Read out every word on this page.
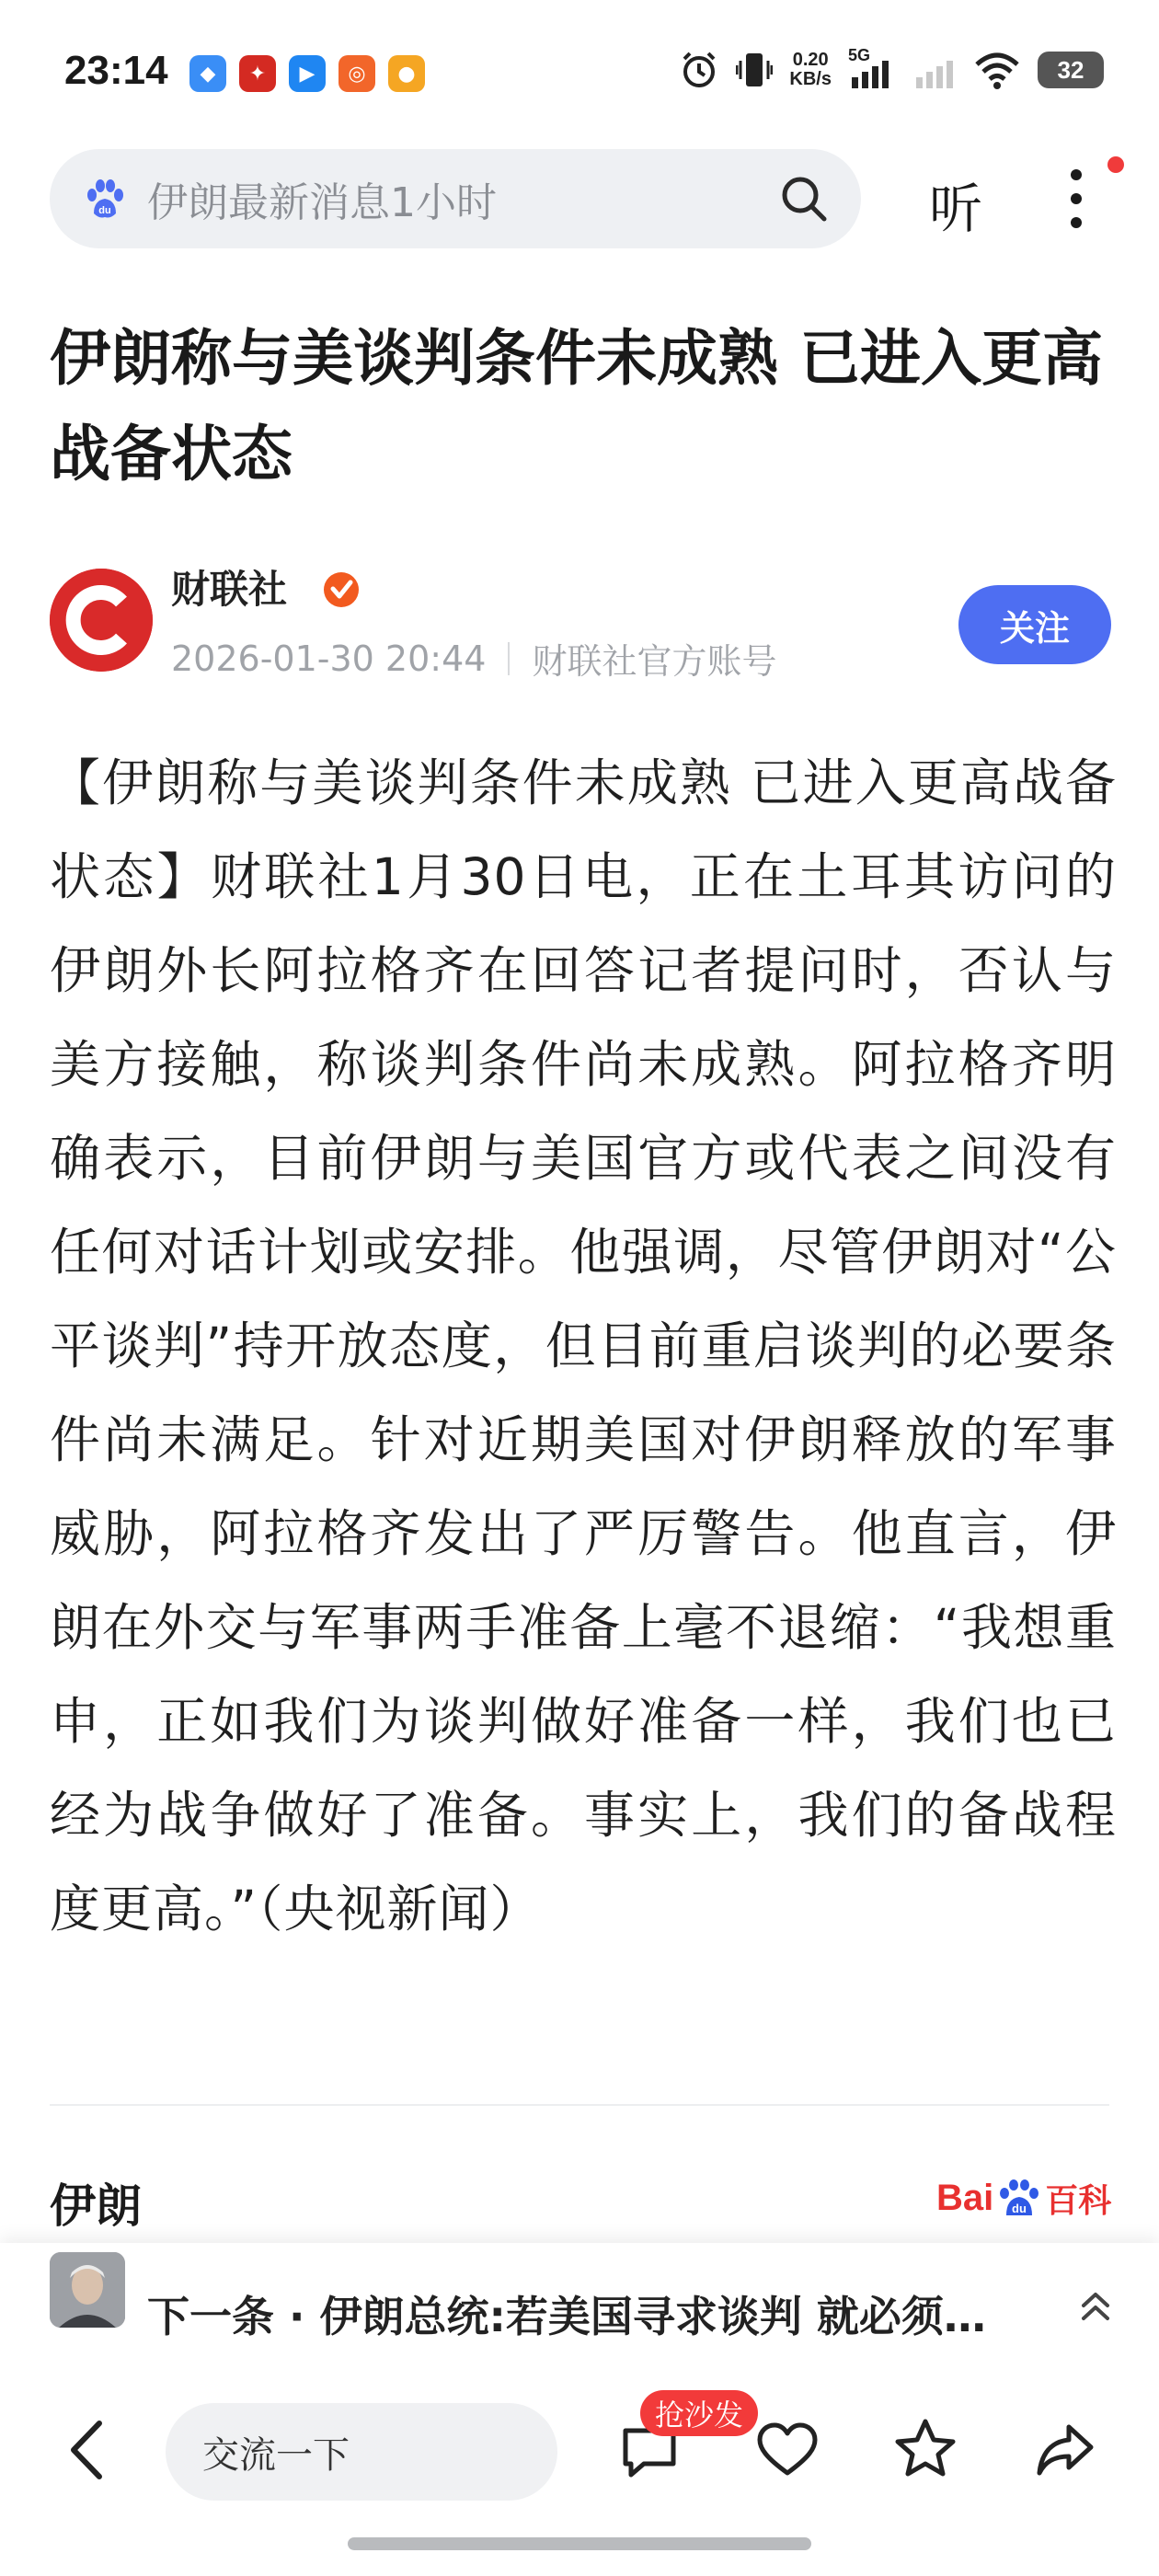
23:14	◆	✦	▶	◎	●
0.20
KB/s
5G
32
du 伊朗最新消息1小时	听
伊朗称与美谈判条件未成熟 已进入更高战备状态
财联社
2026-01-30 20:44 财联社官方账号
关注

【伊朗称与美谈判条件未成熟 已进入更高战备状态】财联社1月30日电，正在土耳其访问的伊朗外长阿拉格齐在回答记者提问时，否认与美方接触，称谈判条件尚未成熟。阿拉格齐明确表示，目前伊朗与美国官方或代表之间没有任何对话计划或安排。他强调，尽管伊朗对“公平谈判”持开放态度，但目前重启谈判的必要条件尚未满足。针对近期美国对伊朗释放的军事威胁，阿拉格齐发出了严厉警告。他直言，伊朗在外交与军事两手准备上毫不退缩：“我想重申，正如我们为谈判做好准备一样，我们也已经为战争做好了准备。事实上，我们的备战程度更高。”（央视新闻）

伊朗	Bai du 百科
下一条 · 伊朗总统:若美国寻求谈判 就必须…
交流一下
抢沙发
